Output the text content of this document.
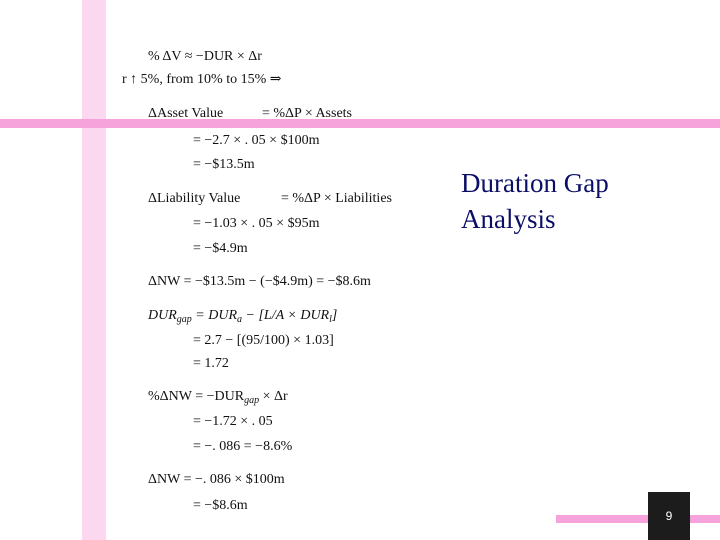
% ΔV ≈ −DUR × Δr
r ↑ 5%, from 10% to 15% ⇒
ΔAsset Value	= %ΔP × Assets
= −2.7 × . 05 × $100m
= −$13.5m
ΔLiability Value	= %ΔP × Liabilities
= −1.03 × . 05 × $95m
= −$4.9m
ΔNW = −$13.5m − (−$4.9m) = −$8.6m
$DUR_{gap} = DUR_a - [L/A \times DUR_l]$
= 2.7 − [(95/100) × 1.03]
= 1.72
$\%\Delta NW = -DUR_{gap} \times \Delta r$
= −1.72 × . 05
= −. 086 = −8.6%
ΔNW = −. 086 × $100m
= −$8.6m
Duration Gap
Analysis
9
